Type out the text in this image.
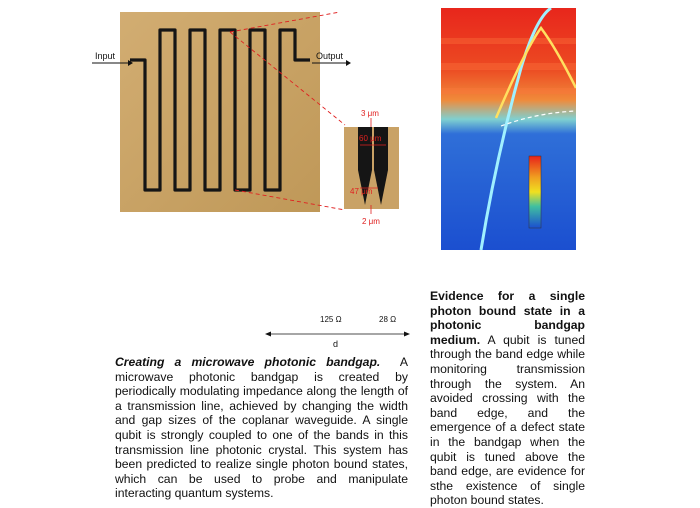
Input	Output
3 μm
60 μm
47 μm
2 μm
125 Ω	28 Ω
d
Creating a microwave photonic bandgap. A microwave photonic bandgap is created by periodically modulating impedance along the length of a transmission line, achieved by changing the width and gap sizes of the coplanar waveguide. A single qubit is strongly coupled to one of the bands in this transmission line photonic crystal. This system has been predicted to realize single photon bound states, which can be used to probe and manipulate interacting quantum systems.
Evidence for a single photon bound state in a photonic bandgap medium. A qubit is tuned through the band edge while monitoring transmission through the system. An avoided crossing with the band edge, and the emergence of a defect state in the bandgap when the qubit is tuned above the band edge, are evidence for sthe existence of single photon bound states.
